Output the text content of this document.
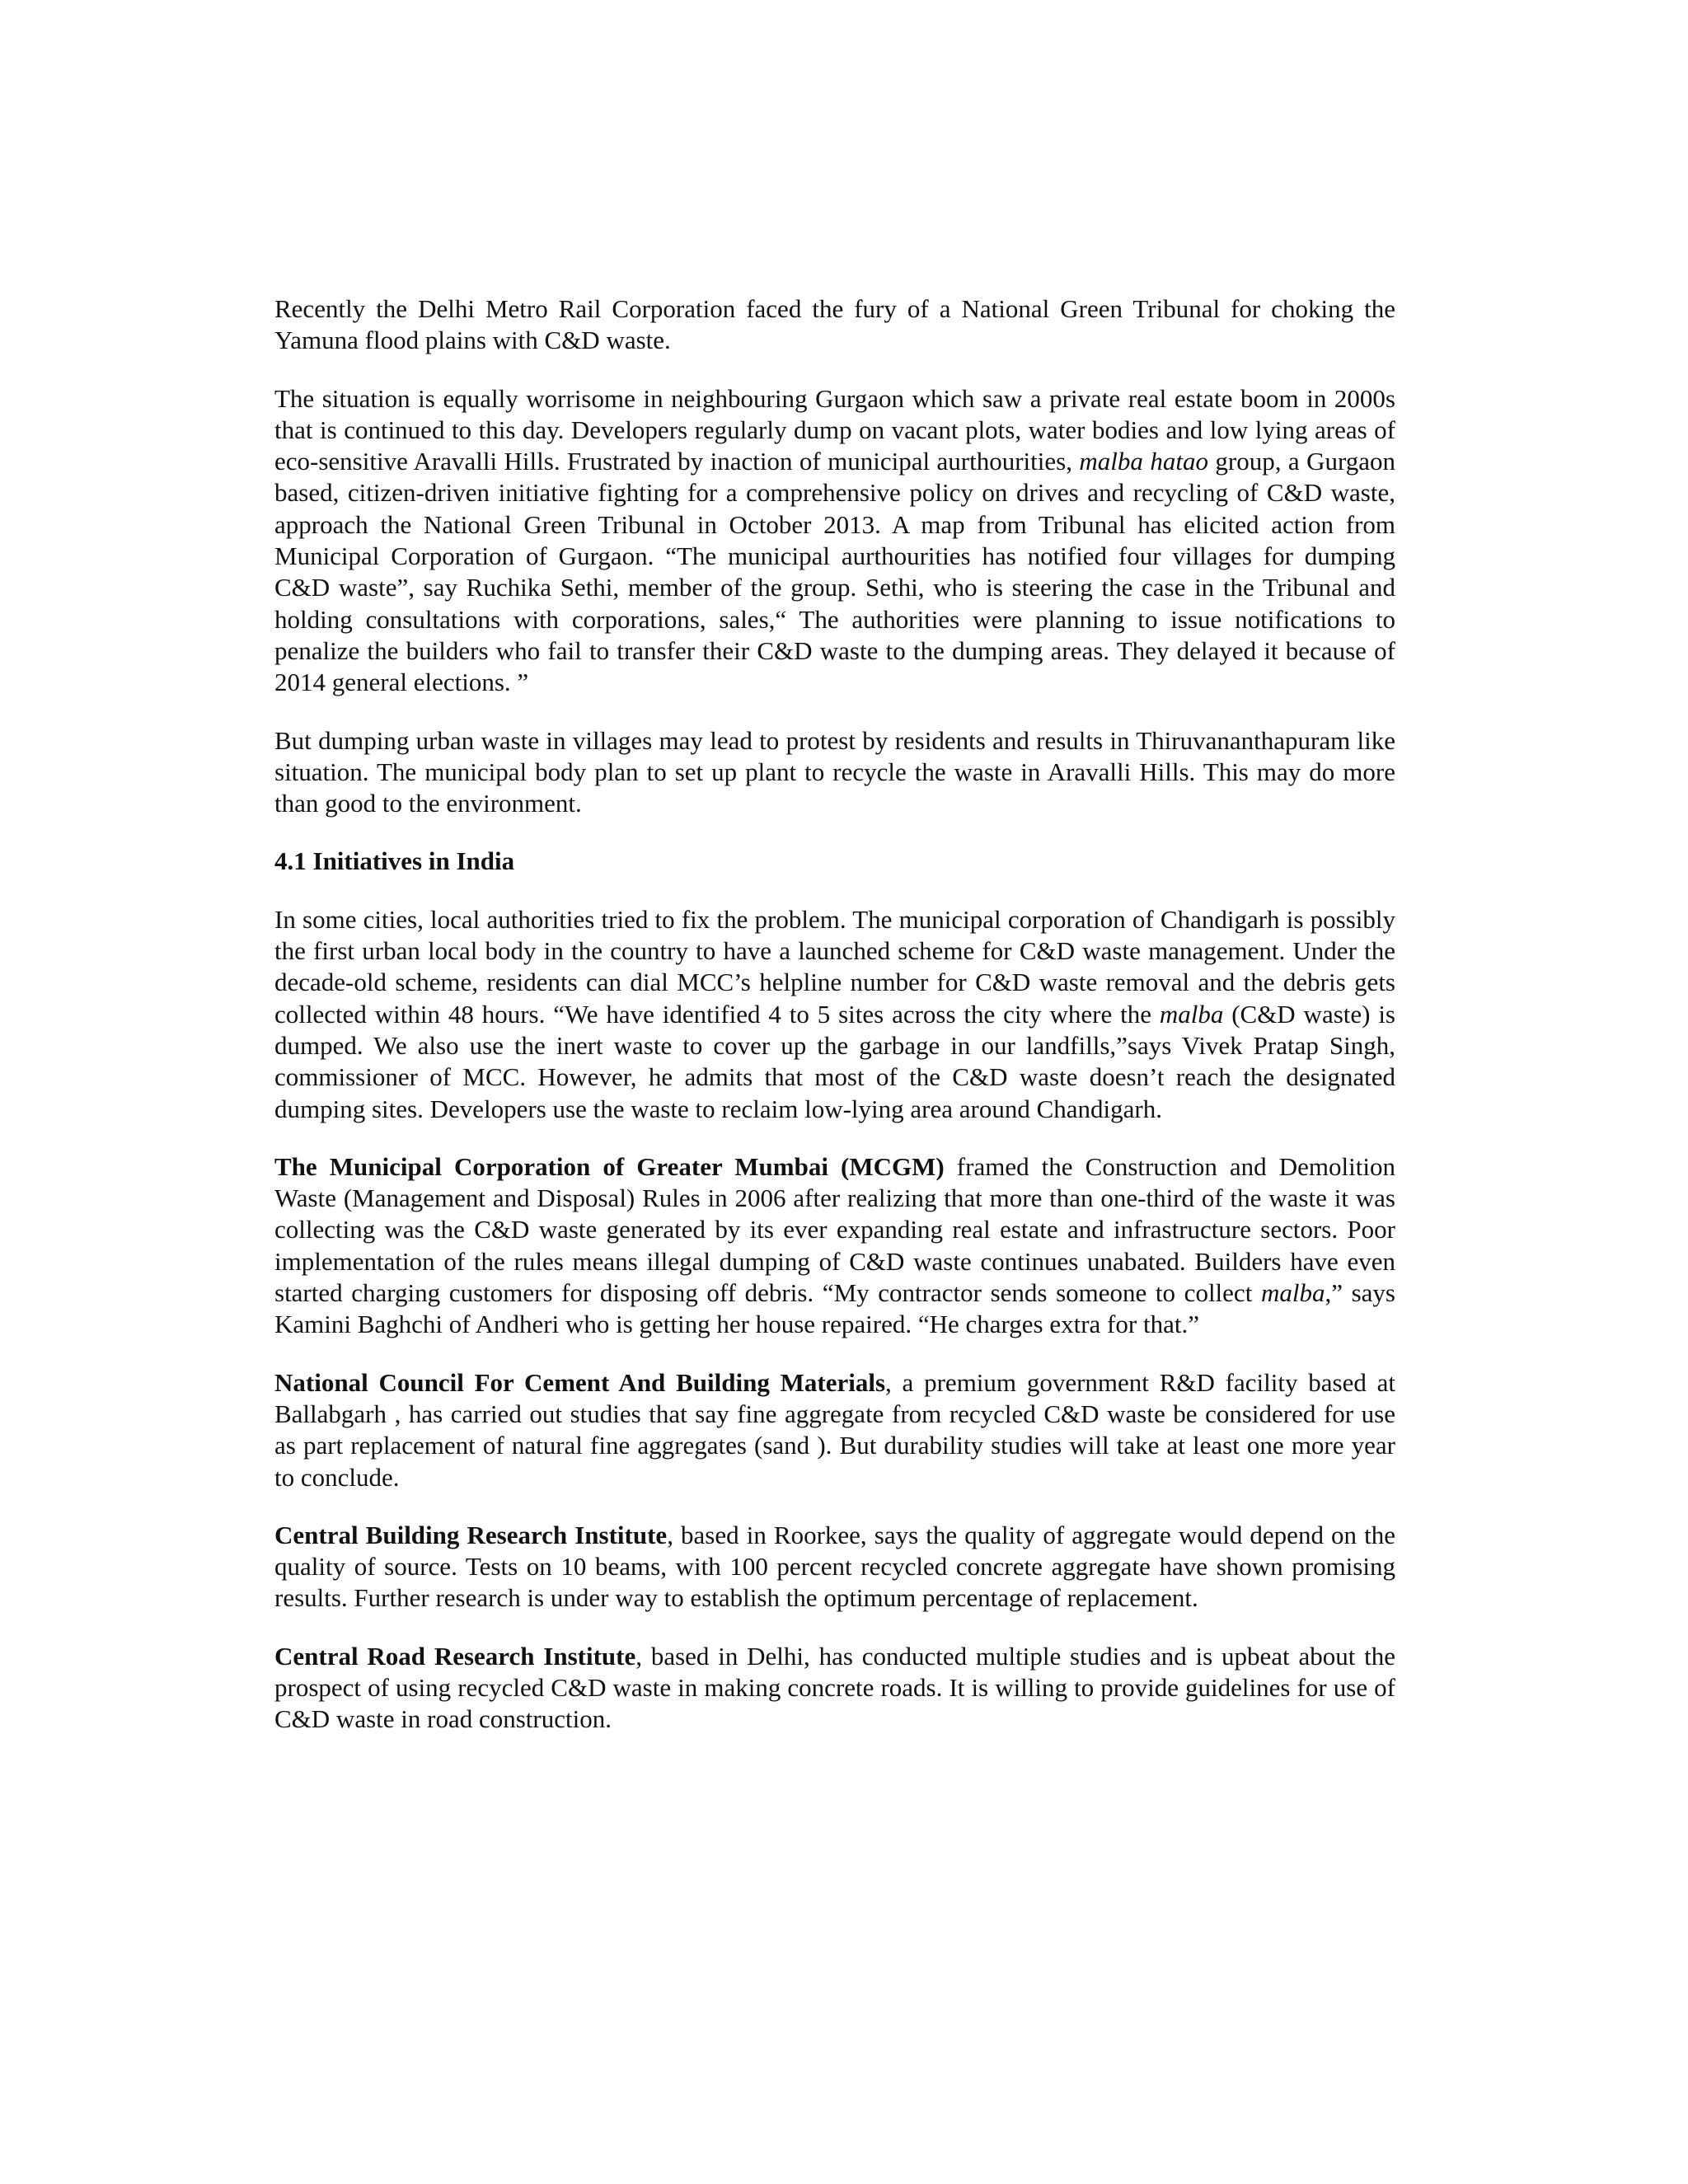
Recently the Delhi Metro Rail Corporation faced the fury of a National Green Tribunal for choking the Yamuna flood plains with C&D waste.

The situation is equally worrisome in neighbouring Gurgaon which saw a private real estate boom in 2000s that is continued to this day. Developers regularly dump on vacant plots, water bodies and low lying areas of eco-sensitive Aravalli Hills. Frustrated by inaction of municipal aurthourities, malba hatao group, a Gurgaon based, citizen-driven initiative fighting for a comprehensive policy on drives and recycling of C&D waste, approach the National Green Tribunal in October 2013. A map from Tribunal has elicited action from Municipal Corporation of Gurgaon. “The municipal aurthourities has notified four villages for dumping C&D waste”, say Ruchika Sethi, member of the group. Sethi, who is steering the case in the Tribunal and holding consultations with corporations, sales,“ The authorities were planning to issue notifications to penalize the builders who fail to transfer their C&D waste to the dumping areas. They delayed it because of 2014 general elections. ”

But dumping urban waste in villages may lead to protest by residents and results in Thiruvananthapuram like situation. The municipal body plan to set up plant to recycle the waste in Aravalli Hills. This may do more than good to the environment.

4.1 Initiatives in India

In some cities, local authorities tried to fix the problem. The municipal corporation of Chandigarh is possibly the first urban local body in the country to have a launched scheme for C&D waste management. Under the decade-old scheme, residents can dial MCC’s helpline number for C&D waste removal and the debris gets collected within 48 hours. “We have identified 4 to 5 sites across the city where the malba (C&D waste) is dumped. We also use the inert waste to cover up the garbage in our landfills,”says Vivek Pratap Singh, commissioner of MCC. However, he admits that most of the C&D waste doesn’t reach the designated dumping sites. Developers use the waste to reclaim low-lying area around Chandigarh.

The Municipal Corporation of Greater Mumbai (MCGM) framed the Construction and Demolition Waste (Management and Disposal) Rules in 2006 after realizing that more than one-third of the waste it was collecting was the C&D waste generated by its ever expanding real estate and infrastructure sectors. Poor implementation of the rules means illegal dumping of C&D waste continues unabated. Builders have even started charging customers for disposing off debris. “My contractor sends someone to collect malba,” says Kamini Baghchi of Andheri who is getting her house repaired. “He charges extra for that.”

National Council For Cement And Building Materials, a premium government R&D facility based at Ballabgarh , has carried out studies that say fine aggregate from recycled C&D waste be considered for use as part replacement of natural fine aggregates (sand ). But durability studies will take at least one more year to conclude.

Central Building Research Institute, based in Roorkee, says the quality of aggregate would depend on the quality of source. Tests on 10 beams, with 100 percent recycled concrete aggregate have shown promising results. Further research is under way to establish the optimum percentage of replacement.

Central Road Research Institute, based in Delhi, has conducted multiple studies and is upbeat about the prospect of using recycled C&D waste in making concrete roads. It is willing to provide guidelines for use of C&D waste in road construction.
